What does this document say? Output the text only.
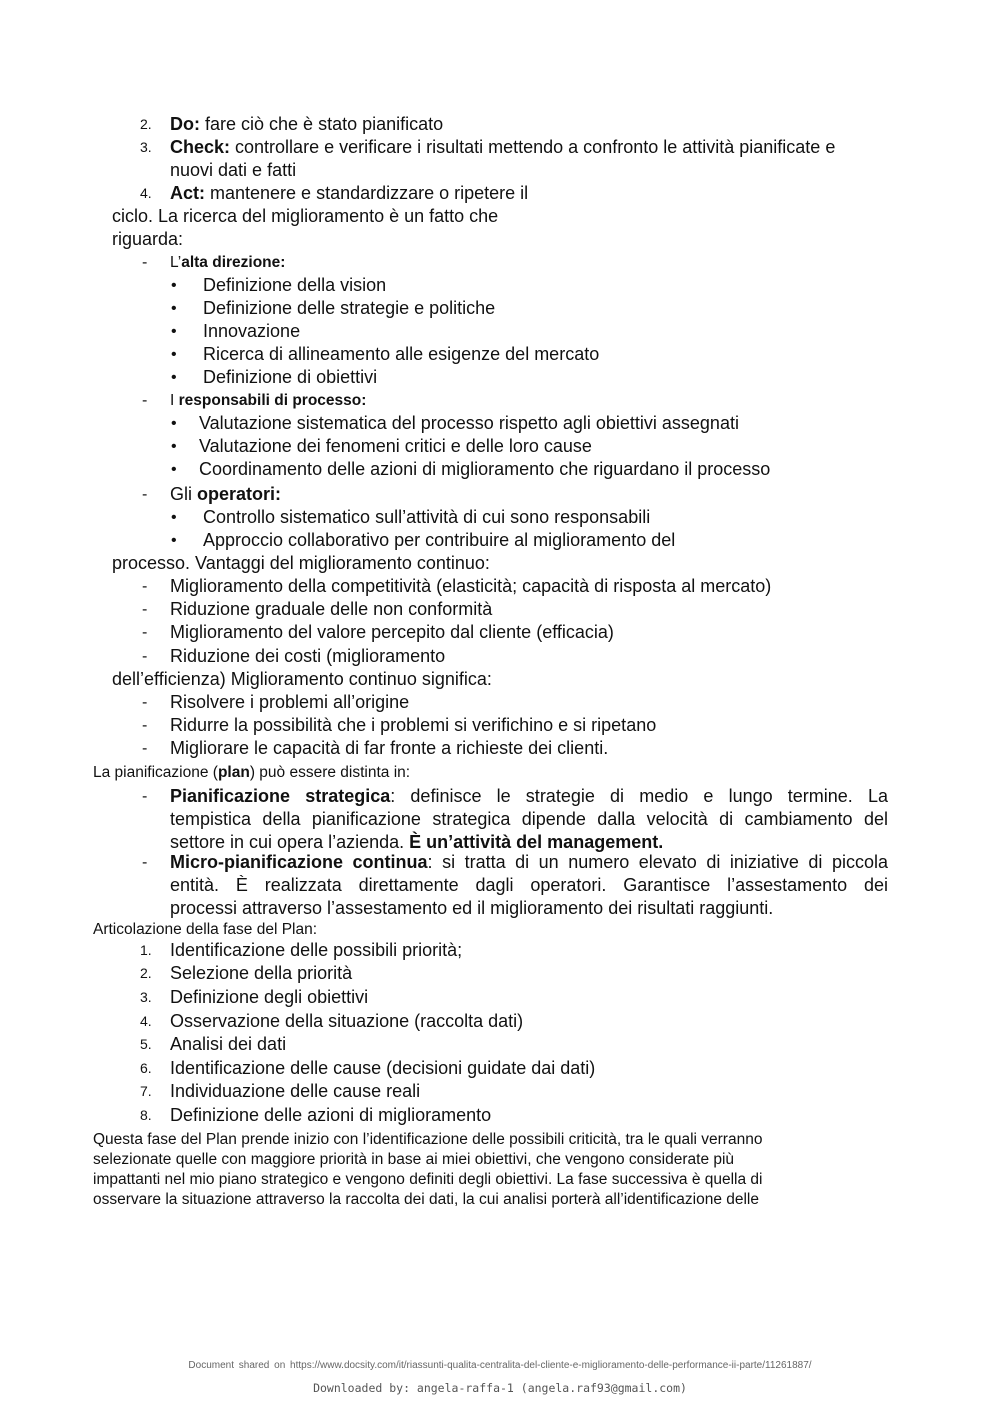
2. Do: fare ciò che è stato pianificato
3. Check: controllare e verificare i risultati mettendo a confronto le attività pianificate e
nuovi dati e fatti
4. Act: mantenere e standardizzare o ripetere il
ciclo. La ricerca del miglioramento è un fatto che
riguarda:
- L’alta direzione:
• Definizione della vision
• Definizione delle strategie e politiche
• Innovazione
• Ricerca di allineamento alle esigenze del mercato
• Definizione di obiettivi
- I responsabili di processo:
• Valutazione sistematica del processo rispetto agli obiettivi assegnati
• Valutazione dei fenomeni critici e delle loro cause
• Coordinamento delle azioni di miglioramento che riguardano il processo
- Gli operatori:
• Controllo sistematico sull’attività di cui sono responsabili
• Approccio collaborativo per contribuire al miglioramento del
processo. Vantaggi del miglioramento continuo:
- Miglioramento della competitività (elasticità; capacità di risposta al mercato)
- Riduzione graduale delle non conformità
- Miglioramento del valore percepito dal cliente (efficacia)
- Riduzione dei costi (miglioramento
dell’efficienza) Miglioramento continuo significa:
- Risolvere i problemi all’origine
- Ridurre la possibilità che i problemi si verifichino e si ripetano
- Migliorare le capacità di far fronte a richieste dei clienti.
La pianificazione (plan) può essere distinta in:
- Pianificazione strategica: definisce le strategie di medio e lungo termine. La
tempistica della pianificazione strategica dipende dalla velocità di cambiamento del
settore in cui opera l’azienda. È un’attività del management.
- Micro-pianificazione continua: si tratta di un numero elevato di iniziative di piccola
entità. È realizzata direttamente dagli operatori. Garantisce l’assestamento dei
processi attraverso l’assestamento ed il miglioramento dei risultati raggiunti.
Articolazione della fase del Plan:
1. Identificazione delle possibili priorità;
2. Selezione della priorità
3. Definizione degli obiettivi
4. Osservazione della situazione (raccolta dati)
5. Analisi dei dati
6. Identificazione delle cause (decisioni guidate dai dati)
7. Individuazione delle cause reali
8. Definizione delle azioni di miglioramento
Questa fase del Plan prende inizio con l’identificazione delle possibili criticità, tra le quali verranno
selezionate quelle con maggiore priorità in base ai miei obiettivi, che vengono considerate più
impattanti nel mio piano strategico e vengono definiti degli obiettivi. La fase successiva è quella di
osservare la situazione attraverso la raccolta dei dati, la cui analisi porterà all’identificazione delle
Document shared on https://www.docsity.com/it/riassunti-qualita-centralita-del-cliente-e-miglioramento-delle-performance-ii-parte/11261887/
Downloaded by: angela-raffa-1 (angela.raf93@gmail.com)
